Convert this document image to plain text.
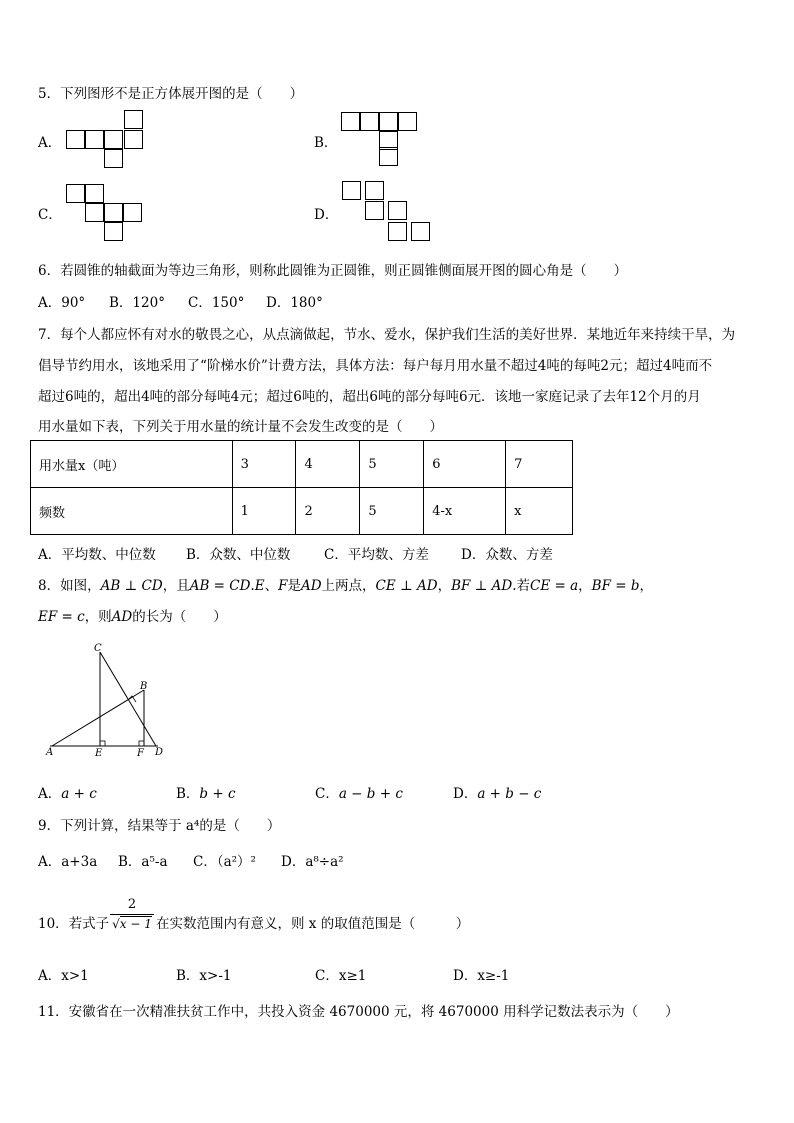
5．下列图形不是正方体展开图的是（　　）
A．	B．
C．	D．
6．若圆锥的轴截面为等边三角形，则称此圆锥为正圆锥，则正圆锥侧面展开图的圆心角是（　　）
A．90° B．120° C．150° D．180°
7．每个人都应怀有对水的敬畏之心，从点滴做起，节水、爱水，保护我们生活的美好世界．某地近年来持续干旱，为
倡导节约用水，该地采用了“阶梯水价”计费方法，具体方法：每户每月用水量不超过4吨的每吨2元；超过4吨而不
超过6吨的，超出4吨的部分每吨4元；超过6吨的，超出6吨的部分每吨6元．该地一家庭记录了去年12个月的月
用水量如下表，下列关于用水量的统计量不会发生改变的是（　　）
用水量x（吨）	3	4	5	6	7
频数	1	2	5	4-x	x
A．平均数、中位数 B．众数、中位数 C．平均数、方差 D．众数、方差
8．如图，AB ⊥ CD，且AB = CD.E、F是AD上两点，CE ⊥ AD，BF ⊥ AD.若CE = a，BF = b，
EF = c，则AD的长为（　　）
C
B
A	E	F D
A．a + c	B．b + c	C．a − b + c	D．a + b − c
9．下列计算，结果等于 a⁴的是（　　）
A．a+3a B．a⁵-a C．（a²）² D．a⁸÷a²
10．若式子 $\frac{2}{√x - 1}$ 在实数范围内有意义，则 x 的取值范围是（　　　）
A．x>1	B．x>-1	C．x≥1	D．x≥-1
11．安徽省在一次精准扶贫工作中，共投入资金 4670000 元，将 4670000 用科学记数法表示为（　　）
